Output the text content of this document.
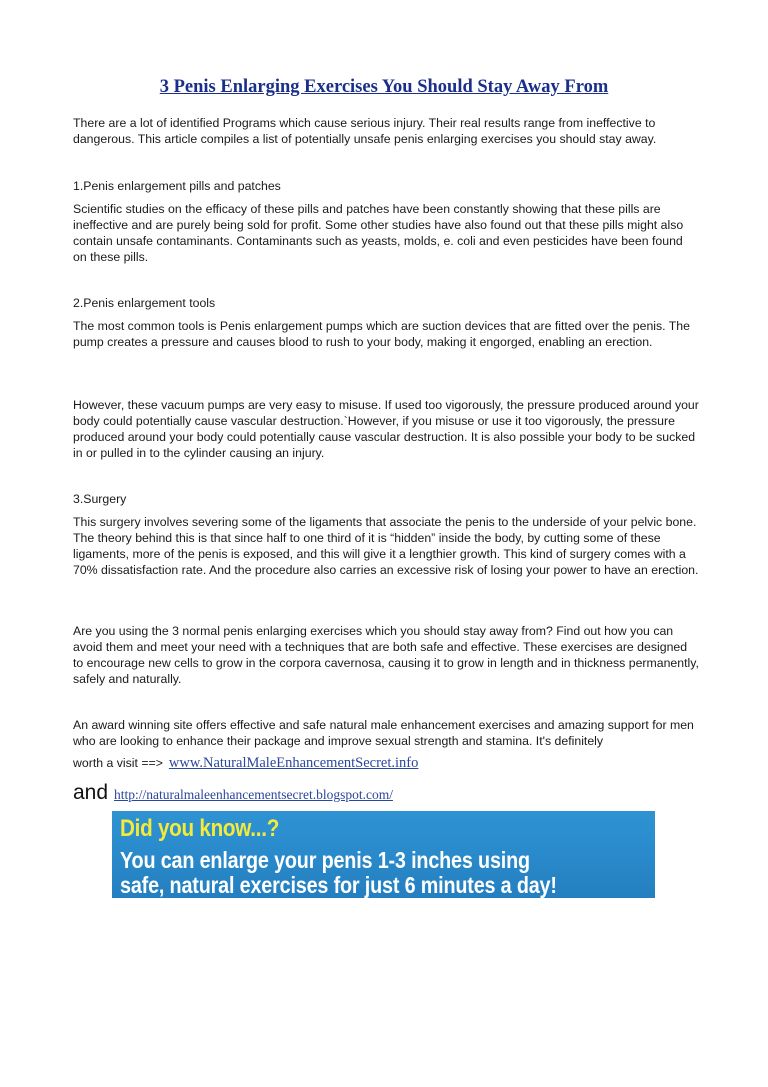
3 Penis Enlarging Exercises You Should Stay Away From

There are a lot of identified Programs which cause serious injury. Their real results range from ineffective to dangerous. This article compiles a list of potentially unsafe penis enlarging exercises you should stay away.

1.Penis enlargement pills and patches

Scientific studies on the efficacy of these pills and patches have been constantly showing that these pills are ineffective and are purely being sold for profit. Some other studies have also found out that these pills might also contain unsafe contaminants. Contaminants such as yeasts, molds, e. coli and even pesticides have been found on these pills.

2.Penis enlargement tools

The most common tools is Penis enlargement pumps which are suction devices that are fitted over the penis. The pump creates a pressure and causes blood to rush to your body, making it engorged, enabling an erection.

However, these vacuum pumps are very easy to misuse. If used too vigorously, the pressure produced around your body could potentially cause vascular destruction.`However, if you misuse or use it too vigorously, the pressure produced around your body could potentially cause vascular destruction. It is also possible your body to be sucked in or pulled in to the cylinder causing an injury.

3.Surgery

This surgery involves severing some of the ligaments that associate the penis to the underside of your pelvic bone. The theory behind this is that since half to one third of it is “hidden” inside the body, by cutting some of these ligaments, more of the penis is exposed, and this will give it a lengthier growth. This kind of surgery comes with a 70% dissatisfaction rate. And the procedure also carries an excessive risk of losing your power to have an erection.

Are you using the 3 normal penis enlarging exercises which you should stay away from? Find out how you can avoid them and meet your need with a techniques that are both safe and effective. These exercises are designed to encourage new cells to grow in the corpora cavernosa, causing it to grow in length and in thickness permanently, safely and naturally.

An award winning site offers effective and safe natural male enhancement exercises and amazing support for men who are looking to enhance their package and improve sexual strength and stamina. It's definitely

worth a visit ==> www.NaturalMaleEnhancementSecret.info
and http://naturalmaleenhancementsecret.blogspot.com/
Did you know...?
You can enlarge your penis 1-3 inches using
safe, natural exercises for just 6 minutes a day!
